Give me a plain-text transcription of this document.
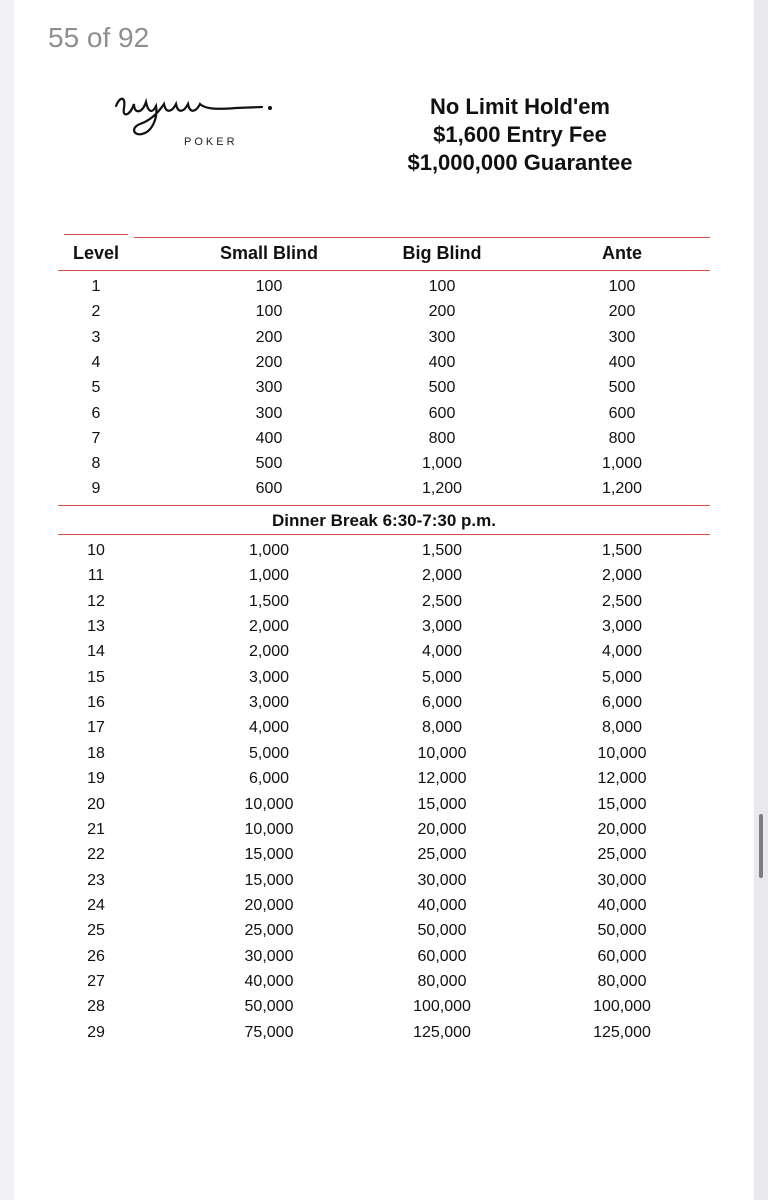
55 of 92
POKER
No Limit Hold'em
$1,600 Entry Fee
$1,000,000 Guarantee
Level	Small Blind	Big Blind	Ante
1	100	100	100
2	100	200	200
3	200	300	300
4	200	400	400
5	300	500	500
6	300	600	600
7	400	800	800
8	500	1,000	1,000
9	600	1,200	1,200
Dinner Break 6:30-7:30 p.m.
10	1,000	1,500	1,500
11	1,000	2,000	2,000
12	1,500	2,500	2,500
13	2,000	3,000	3,000
14	2,000	4,000	4,000
15	3,000	5,000	5,000
16	3,000	6,000	6,000
17	4,000	8,000	8,000
18	5,000	10,000	10,000
19	6,000	12,000	12,000
20	10,000	15,000	15,000
21	10,000	20,000	20,000
22	15,000	25,000	25,000
23	15,000	30,000	30,000
24	20,000	40,000	40,000
25	25,000	50,000	50,000
26	30,000	60,000	60,000
27	40,000	80,000	80,000
28	50,000	100,000	100,000
29	75,000	125,000	125,000
